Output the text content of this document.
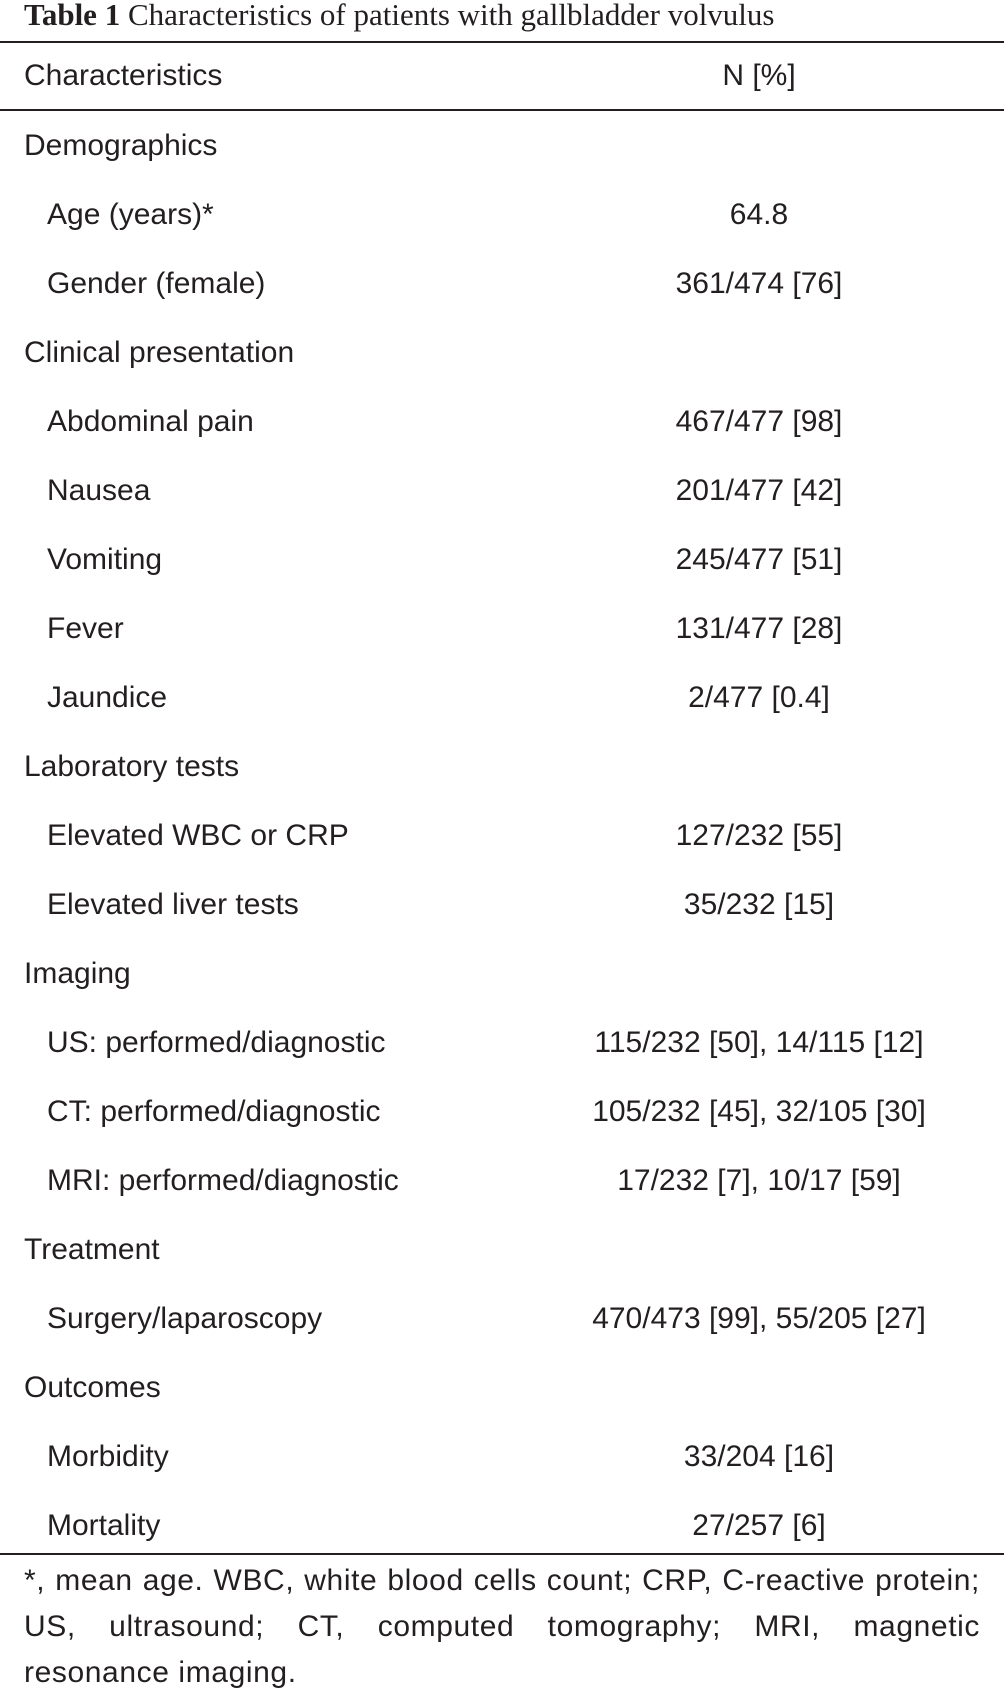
Table 1 Characteristics of patients with gallbladder volvulus
Characteristics	N [%]
Demographics
Age (years)*	64.8
Gender (female)	361/474 [76]
Clinical presentation
Abdominal pain	467/477 [98]
Nausea	201/477 [42]
Vomiting	245/477 [51]
Fever	131/477 [28]
Jaundice	2/477 [0.4]
Laboratory tests
Elevated WBC or CRP	127/232 [55]
Elevated liver tests	35/232 [15]
Imaging
US: performed/diagnostic	115/232 [50], 14/115 [12]
CT: performed/diagnostic	105/232 [45], 32/105 [30]
MRI: performed/diagnostic	17/232 [7], 10/17 [59]
Treatment
Surgery/laparoscopy	470/473 [99], 55/205 [27]
Outcomes
Morbidity	33/204 [16]
Mortality	27/257 [6]
*, mean age. WBC, white blood cells count; CRP, C-reactive protein; US, ultrasound; CT, computed tomography; MRI, magnetic resonance imaging.
